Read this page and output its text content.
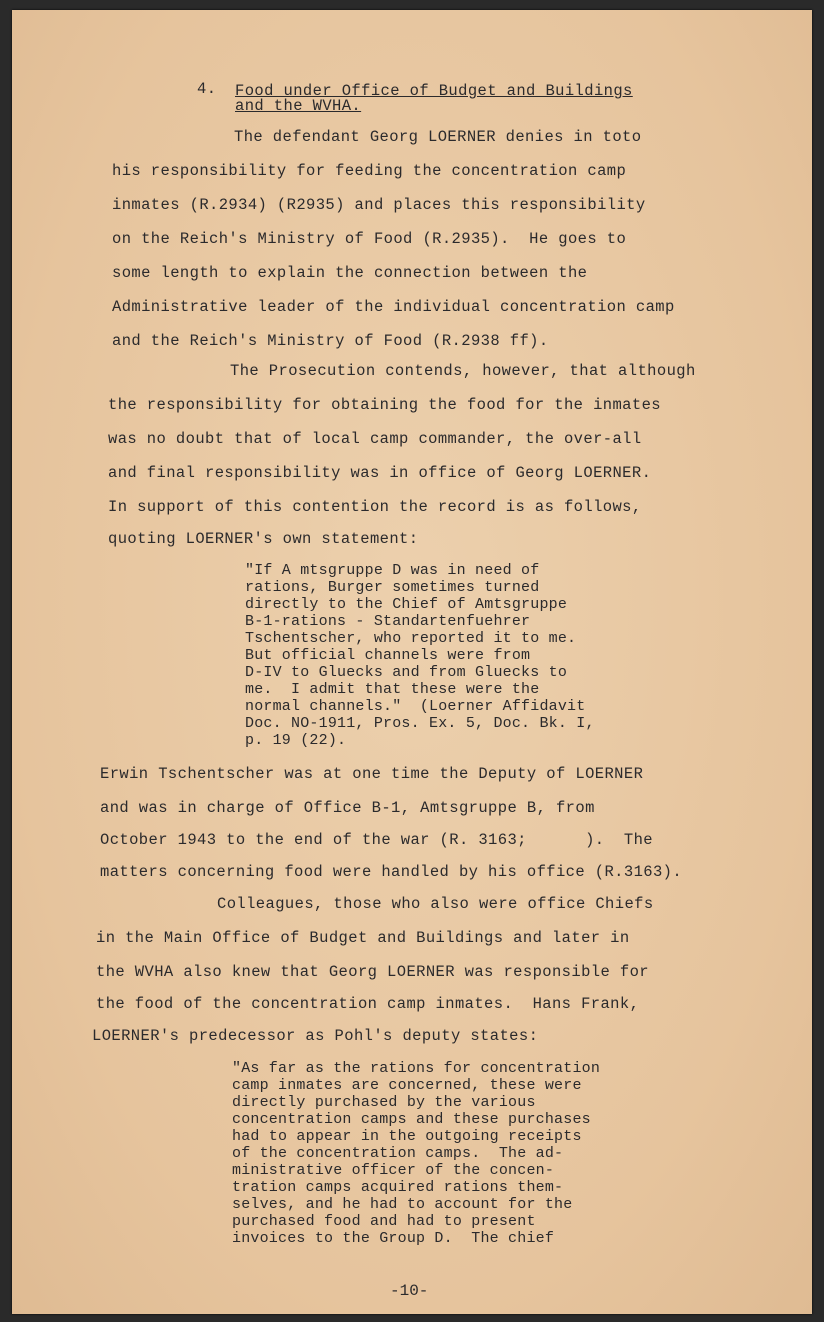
4. Food under Office of Budget and Buildings
and the WVHA.
The defendant Georg LOERNER denies in toto
his responsibility for feeding the concentration camp
inmates (R.2934) (R2935) and places this responsibility
on the Reich's Ministry of Food (R.2935).  He goes to
some length to explain the connection between the
Administrative leader of the individual concentration camp
and the Reich's Ministry of Food (R.2938 ff).
The Prosecution contends, however, that although
the responsibility for obtaining the food for the inmates
was no doubt that of local camp commander, the over-all
and final responsibility was in office of Georg LOERNER.
In support of this contention the record is as follows,
quoting LOERNER's own statement:
"If A mtsgruppe D was in need of
rations, Burger sometimes turned
directly to the Chief of Amtsgruppe
B-1-rations - Standartenfuehrer
Tschentscher, who reported it to me.
But official channels were from
D-IV to Gluecks and from Gluecks to
me.  I admit that these were the
normal channels."  (Loerner Affidavit
Doc. NO-1911, Pros. Ex. 5, Doc. Bk. I,
p. 19 (22).
Erwin Tschentscher was at one time the Deputy of LOERNER
and was in charge of Office B-1, Amtsgruppe B, from
October 1943 to the end of the war (R. 3163;      ).  The
matters concerning food were handled by his office (R.3163).
Colleagues, those who also were office Chiefs
in the Main Office of Budget and Buildings and later in
the WVHA also knew that Georg LOERNER was responsible for
the food of the concentration camp inmates.  Hans Frank,
LOERNER's predecessor as Pohl's deputy states:
"As far as the rations for concentration
camp inmates are concerned, these were
directly purchased by the various
concentration camps and these purchases
had to appear in the outgoing receipts
of the concentration camps.  The ad-
ministrative officer of the concen-
tration camps acquired rations them-
selves, and he had to account for the
purchased food and had to present
invoices to the Group D.  The chief
-10-
